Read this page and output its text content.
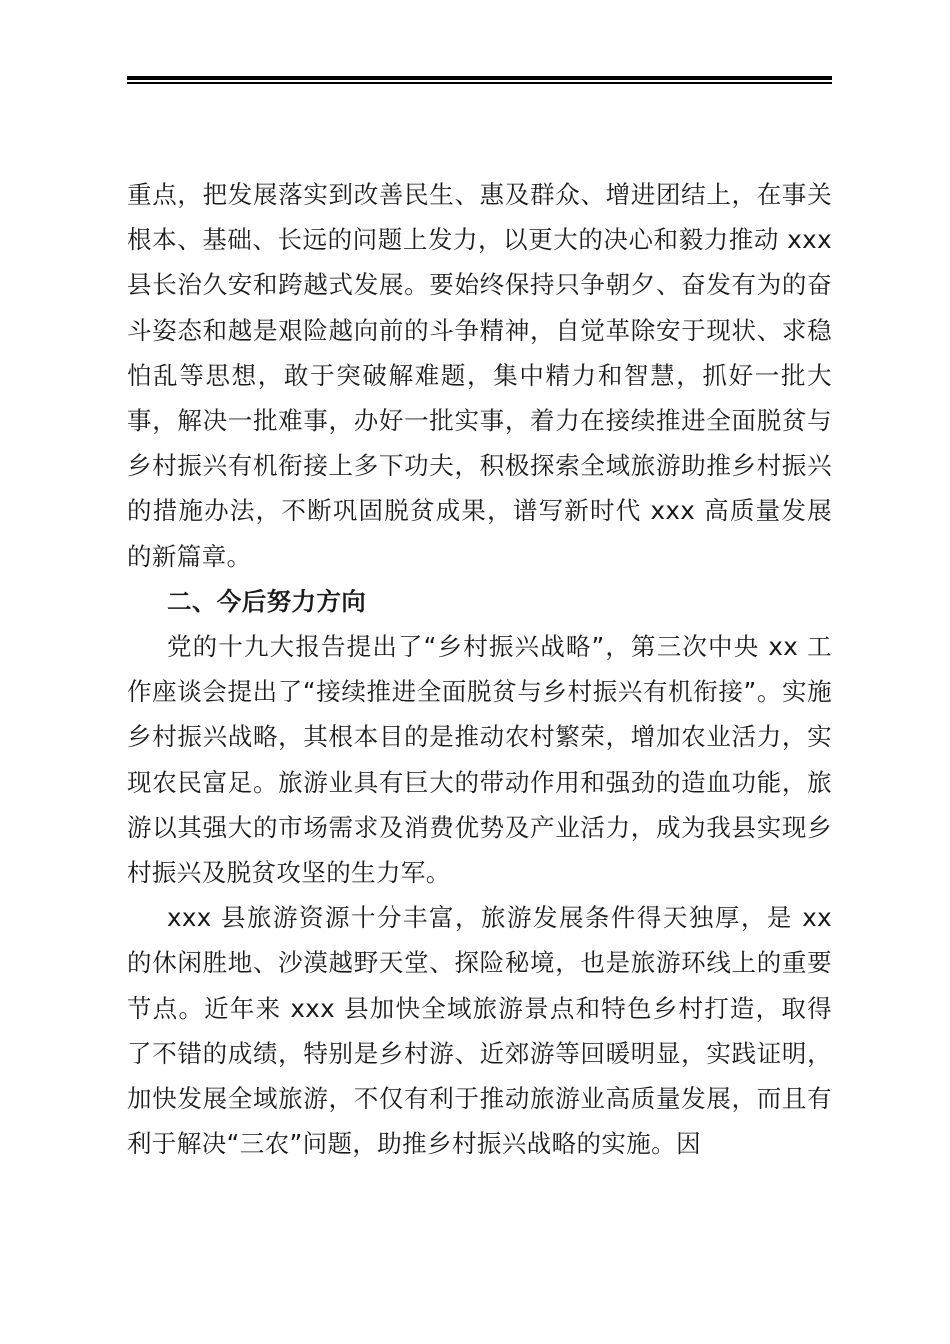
重点，把发展落实到改善民生、惠及群众、增进团结上，在事关根本、基础、长远的问题上发力，以更大的决心和毅力推动 xxx 县长治久安和跨越式发展。要始终保持只争朝夕、奋发有为的奋斗姿态和越是艰险越向前的斗争精神，自觉革除安于现状、求稳怕乱等思想，敢于突破解难题，集中精力和智慧，抓好一批大事，解决一批难事，办好一批实事，着力在接续推进全面脱贫与乡村振兴有机衔接上多下功夫，积极探索全域旅游助推乡村振兴的措施办法，不断巩固脱贫成果，谱写新时代 xxx 高质量发展的新篇章。

二、今后努力方向

党的十九大报告提出了“乡村振兴战略”，第三次中央 xx 工作座谈会提出了“接续推进全面脱贫与乡村振兴有机衔接”。实施乡村振兴战略，其根本目的是推动农村繁荣，增加农业活力，实现农民富足。旅游业具有巨大的带动作用和强劲的造血功能，旅游以其强大的市场需求及消费优势及产业活力，成为我县实现乡村振兴及脱贫攻坚的生力军。

xxx 县旅游资源十分丰富，旅游发展条件得天独厚，是 xx 的休闲胜地、沙漠越野天堂、探险秘境，也是旅游环线上的重要节点。近年来 xxx 县加快全域旅游景点和特色乡村打造，取得了不错的成绩，特别是乡村游、近郊游等回暖明显，实践证明，加快发展全域旅游，不仅有利于推动旅游业高质量发展，而且有利于解决“三农”问题，助推乡村振兴战略的实施。因
